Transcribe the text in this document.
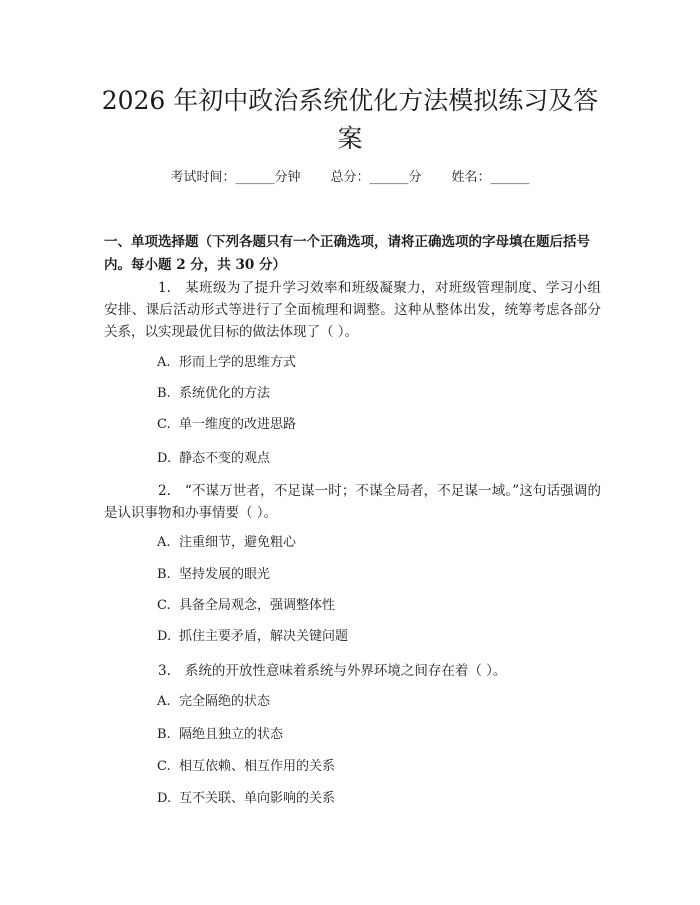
2026 年初中政治系统优化方法模拟练习及答案
考试时间：______分钟 总分：______分 姓名：______
一、单项选择题（下列各题只有一个正确选项，请将正确选项的字母填在题后括号内。每小题 2 分，共 30 分）
1. 某班级为了提升学习效率和班级凝聚力，对班级管理制度、学习小组安排、课后活动形式等进行了全面梳理和调整。这种从整体出发，统筹考虑各部分关系，以实现最优目标的做法体现了（ ）。
A. 形而上学的思维方式
B. 系统优化的方法
C. 单一维度的改进思路
D. 静态不变的观点
2. “不谋万世者，不足谋一时；不谋全局者，不足谋一域。”这句话强调的是认识事物和办事情要（ ）。
A. 注重细节，避免粗心
B. 坚持发展的眼光
C. 具备全局观念，强调整体性
D. 抓住主要矛盾，解决关键问题
3. 系统的开放性意味着系统与外界环境之间存在着（ ）。
A. 完全隔绝的状态
B. 隔绝且独立的状态
C. 相互依赖、相互作用的关系
D. 互不关联、单向影响的关系
